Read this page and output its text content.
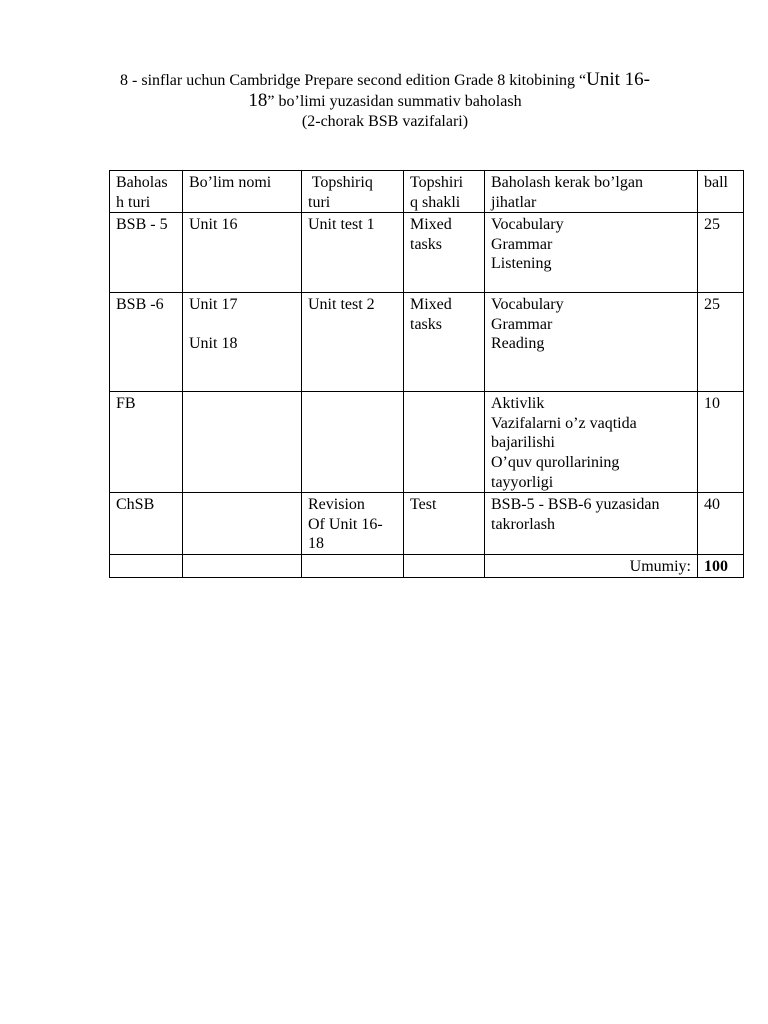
8 - sinflar uchun Cambridge Prepare second edition Grade 8 kitobining “Unit 16-
18” bo’limi yuzasidan summativ baholash
(2-chorak BSB vazifalari)
Baholas
h turi	Bo’lim nomi	Topshiriq
turi	Topshiri
q shakli	Baholash kerak bo’lgan
jihatlar	ball

BSB - 5	Unit 16	Unit test 1	Mixed
tasks	Vocabulary
Grammar
Listening	25
BSB -6	Unit 17
Unit 18	Unit test 2	Mixed
tasks	Vocabulary
Grammar
Reading	25
FB				Aktivlik
Vazifalarni o’z vaqtida
bajarilishi
O’quv qurollarining
tayyorligi	10
ChSB		Revision
Of Unit 16-
18	Test	BSB-5 - BSB-6 yuzasidan
takrorlash	40
				Umumiy:	100
